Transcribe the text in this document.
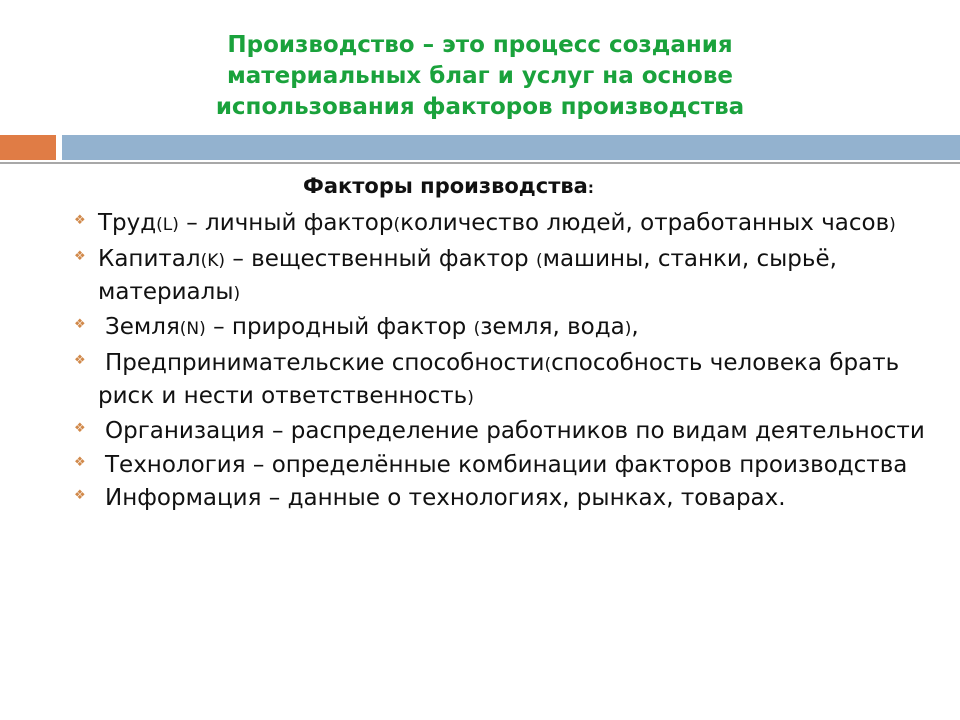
Производство – это процесс создания
материальных благ и услуг на основе
использования факторов производства
Факторы производства:
❖ Труд(L) – личный фактор(количество людей, отработанных часов)
❖ Капитал(K) – вещественный фактор (машины, станки, сырьё, материалы)
❖ Земля(N) – природный фактор (земля, вода),
❖ Предпринимательские способности(способность человека брать риск и нести ответственность)
❖ Организация – распределение работников по видам деятельности
❖ Технология – определённые комбинации факторов производства
❖ Информация – данные о технологиях, рынках, товарах.
